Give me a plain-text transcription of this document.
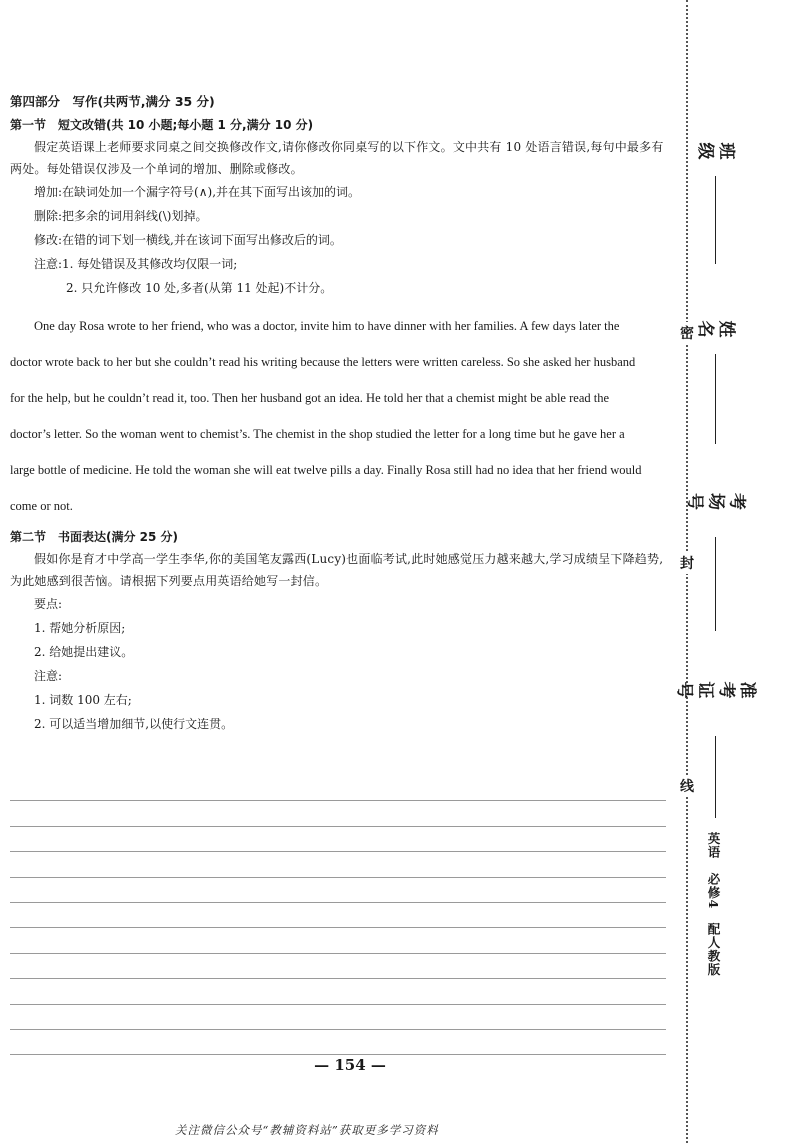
第四部分　写作(共两节,满分 35 分)

第一节　短文改错(共 10 小题;每小题 1 分,满分 10 分)

假定英语课上老师要求同桌之间交换修改作文,请你修改你同桌写的以下作文。文中共有 10 处语言错误,每句中最多有两处。每处错误仅涉及一个单词的增加、删除或修改。

增加:在缺词处加一个漏字符号(∧),并在其下面写出该加的词。

删除:把多余的词用斜线(\)划掉。

修改:在错的词下划一横线,并在该词下面写出修改后的词。

注意:1. 每处错误及其修改均仅限一词;

2. 只允许修改 10 处,多者(从第 11 处起)不计分。

One day Rosa wrote to her friend, who was a doctor, invite him to have dinner with her families. A few days later the

doctor wrote back to her but she couldn’t read his writing because the letters were written careless. So she asked her husband

for the help, but he couldn’t read it, too. Then her husband got an idea. He told her that a chemist might be able read the

doctor’s letter. So the woman went to chemist’s. The chemist in the shop studied the letter for a long time but he gave her a

large bottle of medicine. He told the woman she will eat twelve pills a day. Finally Rosa still had no idea that her friend would

come or not.

第二节　书面表达(满分 25 分)

假如你是育才中学高一学生李华,你的美国笔友露西(Lucy)也面临考试,此时她感觉压力越来越大,学习成绩呈下降趋势,为此她感到很苦恼。请根据下列要点用英语给她写一封信。

要点:

1. 帮她分析原因;

2. 给她提出建议。

注意:

1. 词数 100 左右;

2. 可以适当增加细节,以使行文连贯。

— 154 —
关注微信公众号“教辅资料站”获取更多学习资料
密
封
线
班级
姓名
考场号
准考证号
英语　必修4　配人教版
